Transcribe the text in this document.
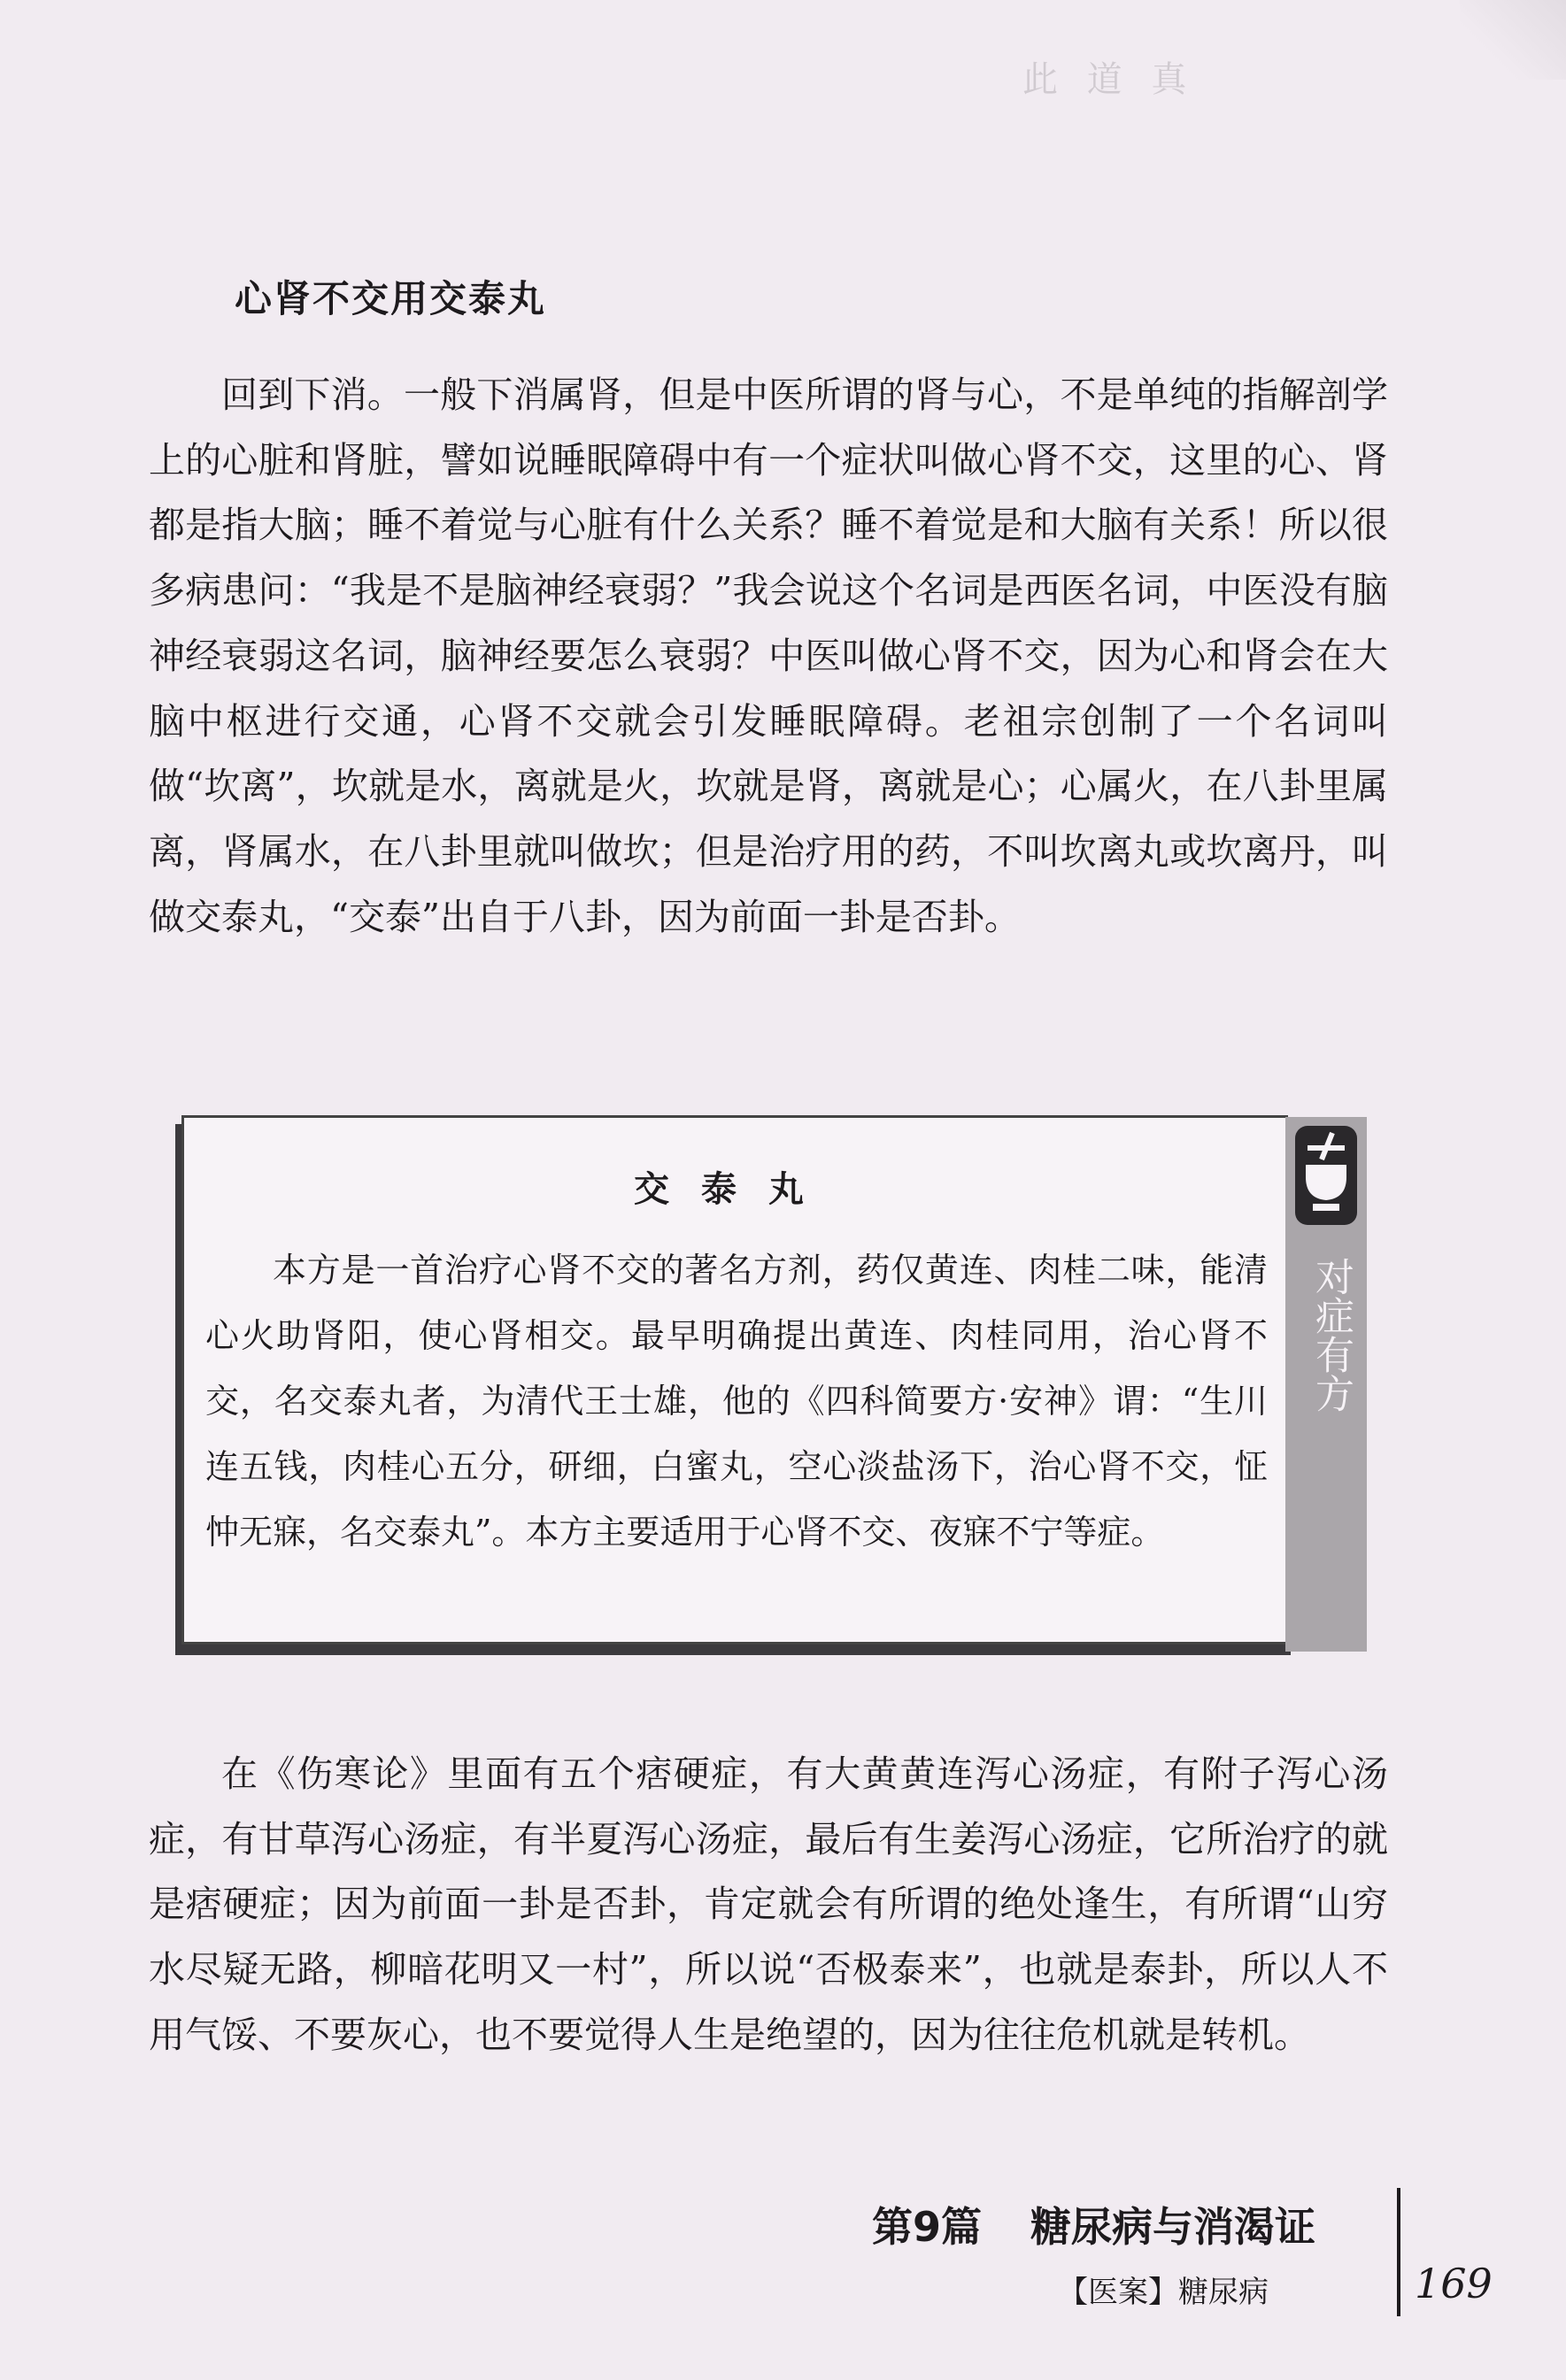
此 道 真
心肾不交用交泰丸

回到下消。一般下消属肾，但是中医所谓的肾与心，不是单纯的指解剖学上的心脏和肾脏，譬如说睡眠障碍中有一个症状叫做心肾不交，这里的心、肾都是指大脑；睡不着觉与心脏有什么关系？睡不着觉是和大脑有关系！所以很多病患问：“我是不是脑神经衰弱？”我会说这个名词是西医名词，中医没有脑神经衰弱这名词，脑神经要怎么衰弱？中医叫做心肾不交，因为心和肾会在大脑中枢进行交通，心肾不交就会引发睡眠障碍。老祖宗创制了一个名词叫做“坎离”，坎就是水，离就是火，坎就是肾，离就是心；心属火，在八卦里属离，肾属水，在八卦里就叫做坎；但是治疗用的药，不叫坎离丸或坎离丹，叫做交泰丸，“交泰”出自于八卦，因为前面一卦是否卦。

对症有方
交泰丸

本方是一首治疗心肾不交的著名方剂，药仅黄连、肉桂二味，能清心火助肾阳，使心肾相交。最早明确提出黄连、肉桂同用，治心肾不交，名交泰丸者，为清代王士雄，他的《四科简要方·安神》谓：“生川连五钱，肉桂心五分，研细，白蜜丸，空心淡盐汤下，治心肾不交，怔忡无寐，名交泰丸”。本方主要适用于心肾不交、夜寐不宁等症。

在《伤寒论》里面有五个痞硬症，有大黄黄连泻心汤症，有附子泻心汤症，有甘草泻心汤症，有半夏泻心汤症，最后有生姜泻心汤症，它所治疗的就是痞硬症；因为前面一卦是否卦，肯定就会有所谓的绝处逢生，有所谓“山穷水尽疑无路，柳暗花明又一村”，所以说“否极泰来”，也就是泰卦，所以人不用气馁、不要灰心，也不要觉得人生是绝望的，因为往往危机就是转机。

第9篇 糖尿病与消渴证
【医案】糖尿病	169
